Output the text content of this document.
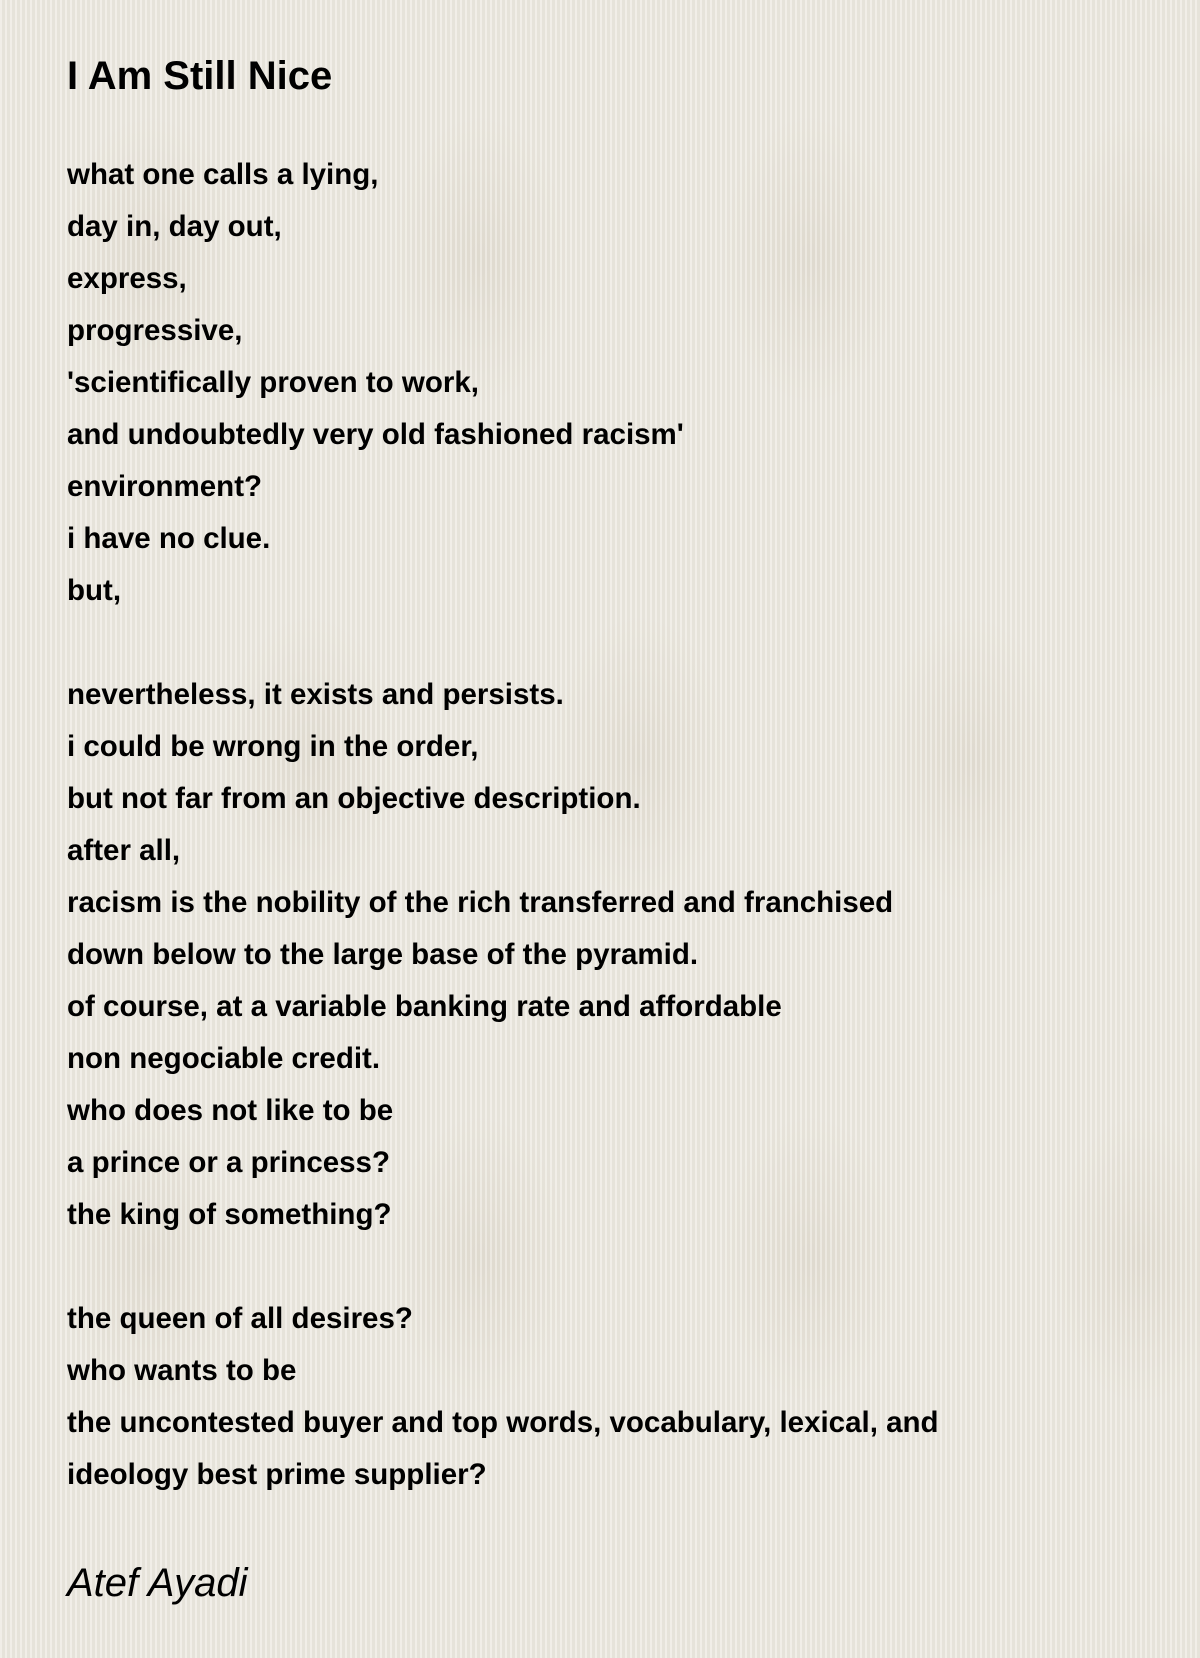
I Am Still Nice
what one calls a lying,
day in, day out,
express,
progressive,
'scientifically proven to work,
and undoubtedly very old fashioned racism'
environment?
i have no clue.
but,
nevertheless, it exists and persists.
i could be wrong in the order,
but not far from an objective description.
after all,
racism is the nobility of the rich transferred and franchised
down below to the large base of the pyramid.
of course, at a variable banking rate and affordable
non negociable credit.
who does not like to be
a prince or a princess?
the king of something?
the queen of all desires?
who wants to be
the uncontested buyer and top words, vocabulary, lexical, and
ideology best prime supplier?

Atef Ayadi
